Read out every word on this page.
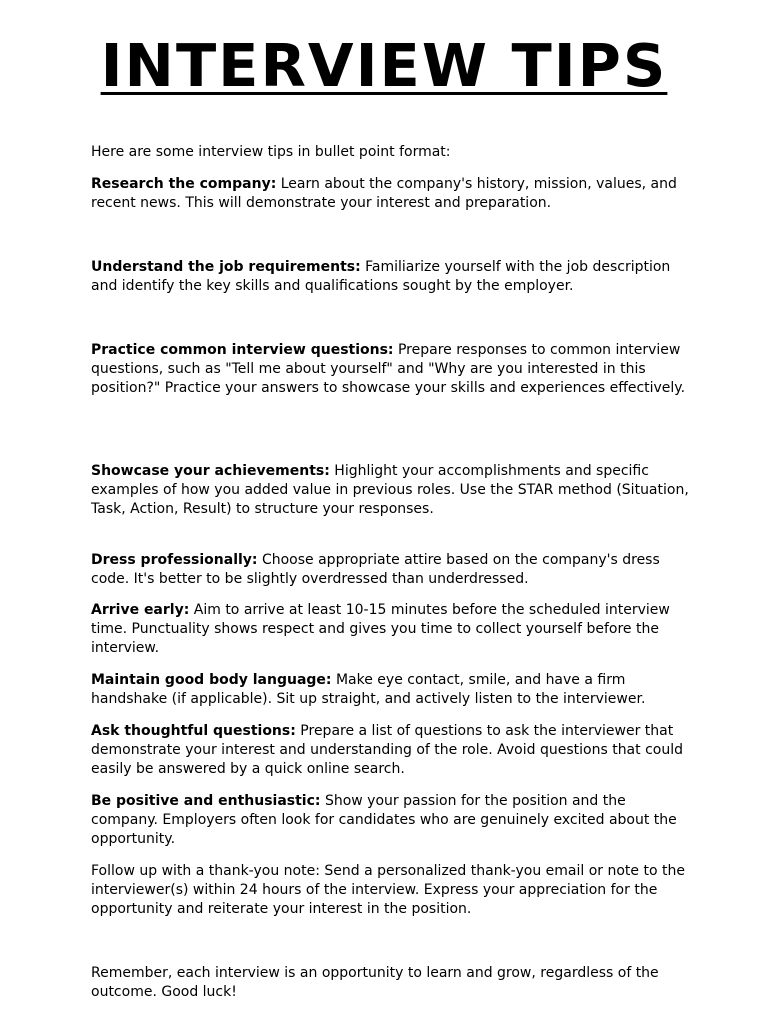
INTERVIEW TIPS

Here are some interview tips in bullet point format:

Research the company: Learn about the company's history, mission, values, and recent news. This will demonstrate your interest and preparation.

Understand the job requirements: Familiarize yourself with the job description and identify the key skills and qualifications sought by the employer.

Practice common interview questions: Prepare responses to common interview questions, such as "Tell me about yourself" and "Why are you interested in this position?" Practice your answers to showcase your skills and experiences effectively.

Showcase your achievements: Highlight your accomplishments and specific examples of how you added value in previous roles. Use the STAR method (Situation, Task, Action, Result) to structure your responses.

Dress professionally: Choose appropriate attire based on the company's dress code. It's better to be slightly overdressed than underdressed.

Arrive early: Aim to arrive at least 10-15 minutes before the scheduled interview time. Punctuality shows respect and gives you time to collect yourself before the interview.

Maintain good body language: Make eye contact, smile, and have a firm handshake (if applicable). Sit up straight, and actively listen to the interviewer.

Ask thoughtful questions: Prepare a list of questions to ask the interviewer that demonstrate your interest and understanding of the role. Avoid questions that could easily be answered by a quick online search.

Be positive and enthusiastic: Show your passion for the position and the company. Employers often look for candidates who are genuinely excited about the opportunity.

Follow up with a thank-you note: Send a personalized thank-you email or note to the interviewer(s) within 24 hours of the interview. Express your appreciation for the opportunity and reiterate your interest in the position.

Remember, each interview is an opportunity to learn and grow, regardless of the outcome. Good luck!
